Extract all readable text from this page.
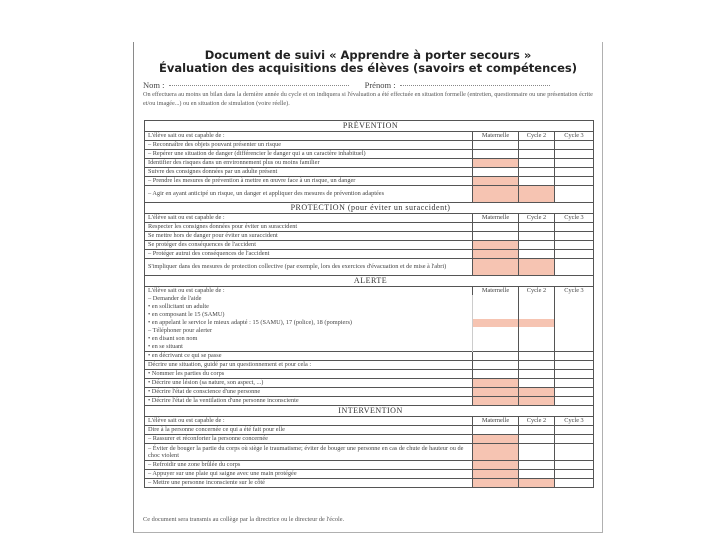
Document de suivi « Apprendre à porter secours »
Évaluation des acquisitions des élèves (savoirs et compétences)
Nom :	Prénom :
On effectuera au moins un bilan dans la dernière année du cycle et on indiquera si l'évaluation a été effectuée en situation formelle (entretien, questionnaire ou une présentation écrite et/ou imagée...) ou en situation de simulation (voire réelle).
PRÉVENTION			
L'élève sait ou est capable de :	Maternelle	Cycle 2	Cycle 3
– Reconnaître des objets pouvant présenter un risque			
– Repérer une situation de danger (différencier le danger qui a un caractère inhabituel)			
Identifier des risques dans un environnement plus ou moins familier			
Suivre des consignes données par un adulte présent			
– Prendre les mesures de prévention à mettre en œuvre face à un risque, un danger			
– Agir en ayant anticipé un risque, un danger et appliquer des mesures de prévention adaptées			
PROTECTION (pour éviter un suraccident)			
L'élève sait ou est capable de :	Maternelle	Cycle 2	Cycle 3
Respecter les consignes données pour éviter un suraccident			
Se mettre hors de danger pour éviter un suraccident			
Se protéger des conséquences de l'accident			
– Protéger autrui des conséquences de l'accident			
S'impliquer dans des mesures de protection collective (par exemple, lors des exercices d'évacuation et de mise à l'abri)			
ALERTE			
L'élève sait ou est capable de :	Maternelle	Cycle 2	Cycle 3
– Demander de l'aide			
• en sollicitant un adulte			
• en composant le 15 (SAMU)			
• en appelant le service le mieux adapté : 15 (SAMU), 17 (police), 18 (pompiers)			
– Téléphoner pour alerter			
• en disant son nom			
• en se situant			
• en décrivant ce qui se passe			
Décrire une situation, guidé par un questionnement et pour cela :			
• Nommer les parties du corps			
• Décrire une lésion (sa nature, son aspect, ...)			
• Décrire l'état de conscience d'une personne			
• Décrire l'état de la ventilation d'une personne inconsciente			
INTERVENTION			
L'élève sait ou est capable de :	Maternelle	Cycle 2	Cycle 3
Dire à la personne concernée ce qui a été fait pour elle			
– Rassurer et réconforter la personne concernée			
– Éviter de bouger la partie du corps où siège le traumatisme; éviter de bouger une personne en cas de chute de hauteur ou de choc violent			
– Refroidir une zone brûlée du corps			
– Appuyer sur une plaie qui saigne avec une main protégée			
– Mettre une personne inconsciente sur le côté			
Ce document sera transmis au collège par la directrice ou le directeur de l'école.
